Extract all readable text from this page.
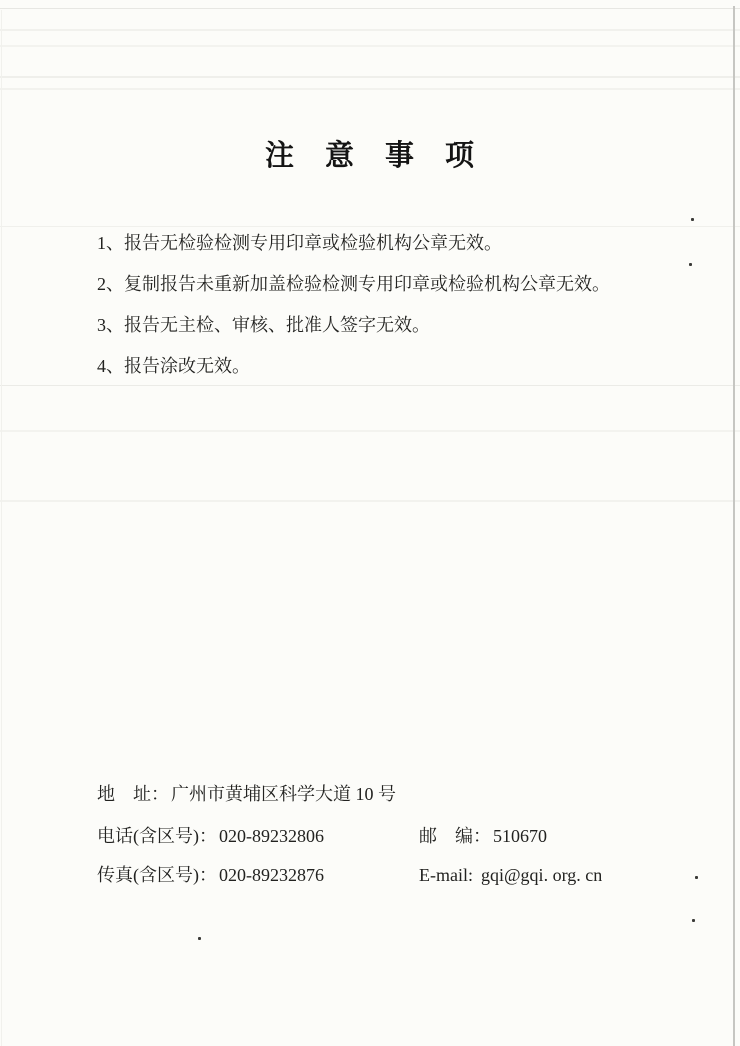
注　意　事　项
1、报告无检验检测专用印章或检验机构公章无效。
2、复制报告未重新加盖检验检测专用印章或检验机构公章无效。
3、报告无主检、审核、批准人签字无效。
4、报告涂改无效。
地　址： 广州市黄埔区科学大道 10 号
电话(含区号)： 020-89232806	邮　编： 510670
传真(含区号)： 020-89232876	E-mail: gqi@gqi. org. cn
